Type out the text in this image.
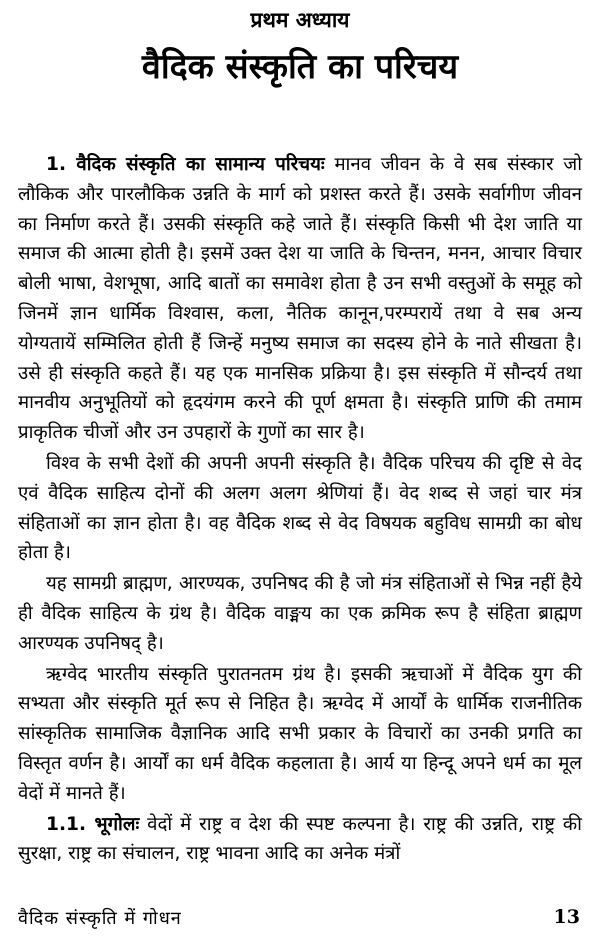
प्रथम अध्याय
वैदिक संस्कृति का परिचय

1. वैदिक संस्कृति का सामान्य परिचयः मानव जीवन के वे सब संस्कार जो लौकिक और पारलौकिक उन्नति के मार्ग को प्रशस्त करते हैं। उसके सर्वागीण जीवन का निर्माण करते हैं। उसकी संस्कृति कहे जाते हैं। संस्कृति किसी भी देश जाति या समाज की आत्मा होती है। इसमें उक्त देश या जाति के चिन्तन, मनन, आचार विचार बोली भाषा, वेशभूषा, आदि बातों का समावेश होता है उन सभी वस्तुओं के समूह को जिनमें ज्ञान धार्मिक विश्वास, कला, नैतिक कानून,परम्परायें तथा वे सब अन्य योग्यतायें सम्मिलित होती हैं जिन्हें मनुष्य समाज का सदस्य होने के नाते सीखता है। उसे ही संस्कृति कहते हैं। यह एक मानसिक प्रक्रिया है। इस संस्कृति में सौन्दर्य तथा मानवीय अनुभूतियों को हृदयंगम करने की पूर्ण क्षमता है। संस्कृति प्राणि की तमाम प्राकृतिक चीजों और उन उपहारों के गुणों का सार है।

विश्व के सभी देशों की अपनी अपनी संस्कृति है। वैदिक परिचय की दृष्टि से वेद एवं वैदिक साहित्य दोनों की अलग अलग श्रेणियां हैं। वेद शब्द से जहां चार मंत्र संहिताओं का ज्ञान होता है। वह वैदिक शब्द से वेद विषयक बहुविध सामग्री का बोध होता है।

यह सामग्री ब्राह्मण, आरण्यक, उपनिषद की है जो मंत्र संहिताओं से भिन्न नहीं हैये ही वैदिक साहित्य के ग्रंथ है। वैदिक वाङ्मय का एक क्रमिक रूप है संहिता ब्राह्मण आरण्यक उपनिषद् है।

ऋग्वेद भारतीय संस्कृति पुरातनतम ग्रंथ है। इसकी ऋचाओं में वैदिक युग की सभ्यता और संस्कृति मूर्त रूप से निहित है। ऋग्वेद में आर्यों के धार्मिक राजनीतिक सांस्कृतिक सामाजिक वैज्ञानिक आदि सभी प्रकार के विचारों का उनकी प्रगति का विस्तृत वर्णन है। आर्यों का धर्म वैदिक कहलाता है। आर्य या हिन्दू अपने धर्म का मूल वेदों में मानते हैं।

1.1. भूगोलः वेदों में राष्ट्र व देश की स्पष्ट कल्पना है। राष्ट्र की उन्नति, राष्ट्र की सुरक्षा, राष्ट्र का संचालन, राष्ट्र भावना आदि का अनेक मंत्रों

वैदिक संस्कृति में गोधन	13
